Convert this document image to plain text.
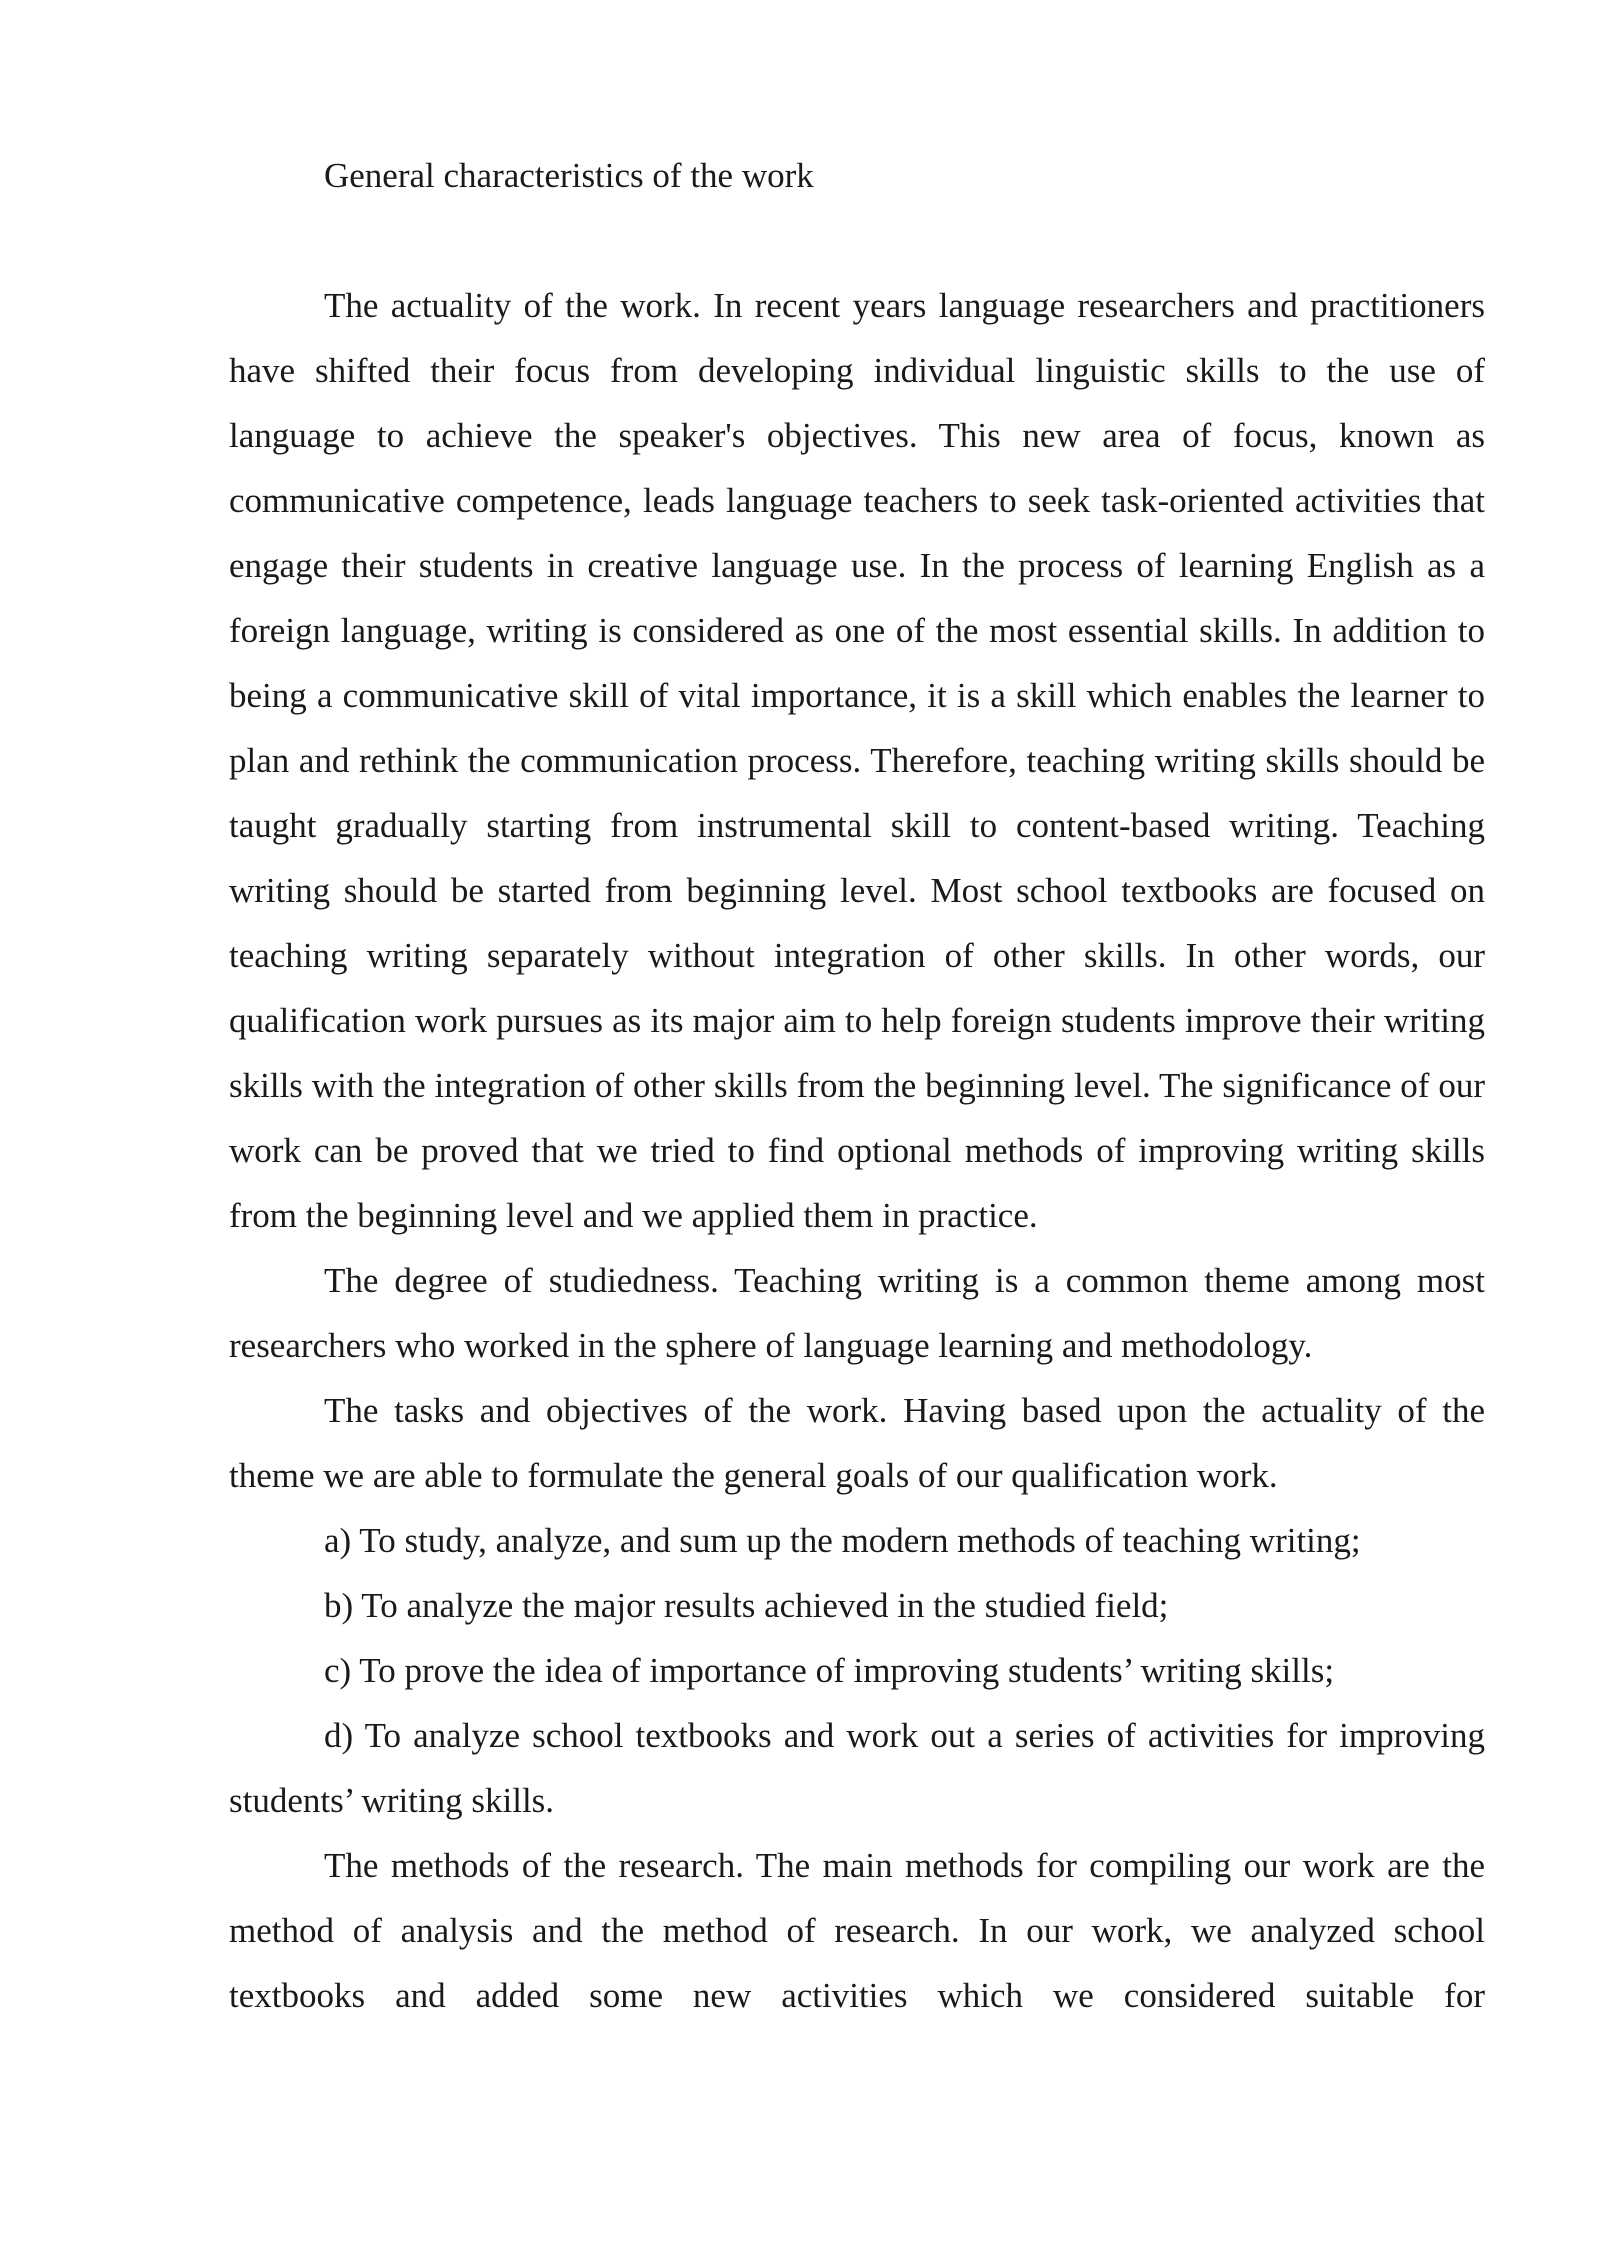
General characteristics of the work

The actuality of the work. In recent years language researchers and practitioners have shifted their focus from developing individual linguistic skills to the use of language to achieve the speaker's objectives. This new area of focus, known as communicative competence, leads language teachers to seek task-oriented activities that engage their students in creative language use. In the process of learning English as a foreign language, writing is considered as one of the most essential skills. In addition to being a communicative skill of vital importance, it is a skill which enables the learner to plan and rethink the communication process. Therefore, teaching writing skills should be taught gradually starting from instrumental skill to content-based writing. Teaching writing should be started from beginning level. Most school textbooks are focused on teaching writing separately without integration of other skills. In other words, our qualification work pursues as its major aim to help foreign students improve their writing skills with the integration of other skills from the beginning level. The significance of our work can be proved that we tried to find optional methods of improving writing skills from the beginning level and we applied them in practice.

The degree of studiedness. Teaching writing is a common theme among most researchers who worked in the sphere of language learning and methodology.

The tasks and objectives of the work. Having based upon the actuality of the theme we are able to formulate the general goals of our qualification work.

a) To study, analyze, and sum up the modern methods of teaching writing;

b) To analyze the major results achieved in the studied field;

c) To prove the idea of importance of improving students’ writing skills;

d) To analyze school textbooks and work out a series of activities for improving students’ writing skills.

The methods of the research. The main methods for compiling our work are the method of analysis and the method of research. In our work, we analyzed school textbooks and added some new activities which we considered suitable for
